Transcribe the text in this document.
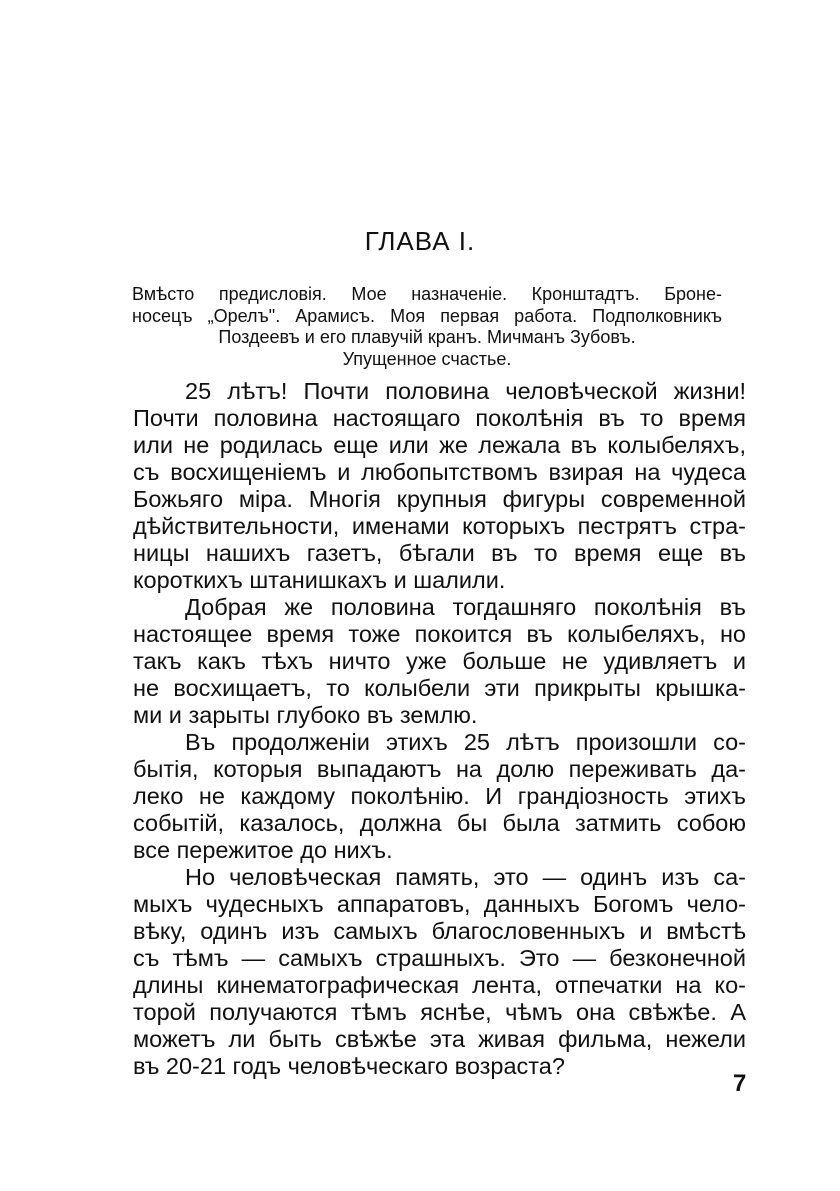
ГЛАВА I.
Вмѣсто предисловія. Мое назначеніе. Кронштадтъ. Броне-
носецъ „Орелъ". Арамисъ. Моя первая работа. Подполковникъ
Поздеевъ и его плавучій кранъ. Мичманъ Зубовъ.
Упущенное счастье.
25 лѣтъ! Почти половина человѣческой жизни!
Почти половина настоящаго поколѣнія въ то время
или не родилась еще или же лежала въ колыбеляхъ,
съ восхищеніемъ и любопытствомъ взирая на чудеса
Божьяго міра. Многія крупныя фигуры современной
дѣйствительности, именами которыхъ пестрятъ стра-
ницы нашихъ газетъ, бѣгали въ то время еще въ
короткихъ штанишкахъ и шалили.
Добрая же половина тогдашняго поколѣнія въ
настоящее время тоже покоится въ колыбеляхъ, но
такъ какъ тѣхъ ничто уже больше не удивляетъ и
не восхищаетъ, то колыбели эти прикрыты крышка-
ми и зарыты глубоко въ землю.
Въ продолженіи этихъ 25 лѣтъ произошли со-
бытія, которыя выпадаютъ на долю переживать да-
леко не каждому поколѣнію. И грандіозность этихъ
событій, казалось, должна бы была затмить собою
все пережитое до нихъ.
Но человѣческая память, это — одинъ изъ са-
мыхъ чудесныхъ аппаратовъ, данныхъ Богомъ чело-
вѣку, одинъ изъ самыхъ благословенныхъ и вмѣстѣ
съ тѣмъ — самыхъ страшныхъ. Это — безконечной
длины кинематографическая лента, отпечатки на ко-
торой получаются тѣмъ яснѣе, чѣмъ она свѣжѣе. А
можетъ ли быть свѣжѣе эта живая фильма, нежели
въ 20-21 годъ человѣческаго возраста?
7
